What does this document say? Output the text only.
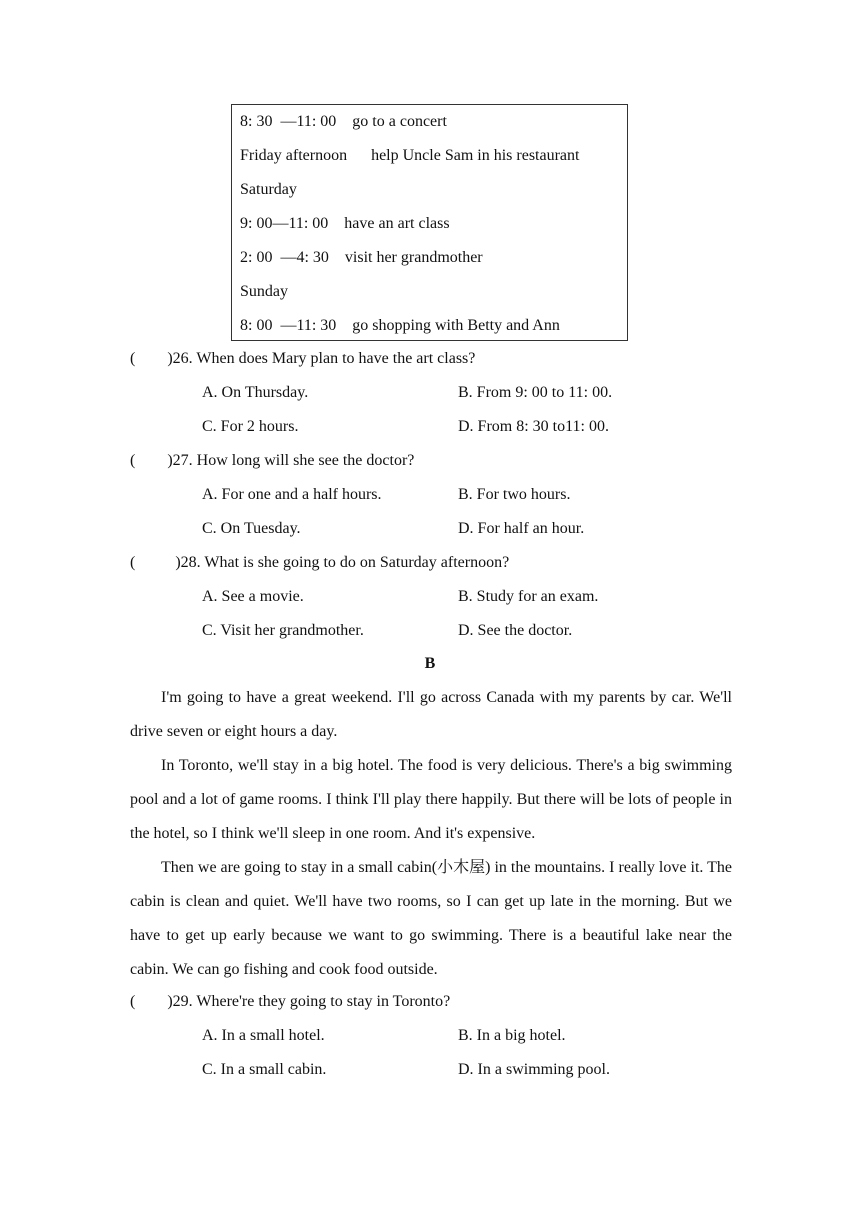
8: 30  —11: 00    go to a concert
Friday afternoon      help Uncle Sam in his restaurant
Saturday
9: 00—11: 00    have an art class
2: 00  —4: 30    visit her grandmother
Sunday
8: 00  —11: 30    go shopping with Betty and Ann
(        )26. When does Mary plan to have the art class?
A. On Thursday.	B. From 9: 00 to 11: 00.
C. For 2 hours.	D. From 8: 30 to11: 00.
(        )27. How long will she see the doctor?
A. For one and a half hours.	B. For two hours.
C. On Tuesday.	D. For half an hour.
(          )28. What is she going to do on Saturday afternoon?
A. See a movie.	B. Study for an exam.
C. Visit her grandmother.	D. See the doctor.
B

I'm going to have a great weekend. I'll go across Canada with my parents by car. We'll drive seven or eight hours a day.

In Toronto, we'll stay in a big hotel. The food is very delicious. There's a big swimming pool and a lot of game rooms. I think I'll play there happily. But there will be lots of people in the hotel, so I think we'll sleep in one room. And it's expensive.

Then we are going to stay in a small cabin(小木屋) in the mountains. I really love it. The cabin is clean and quiet. We'll have two rooms, so I can get up late in the morning. But we have to get up early because we want to go swimming. There is a beautiful lake near the cabin. We can go fishing and cook food outside.

(        )29. Where're they going to stay in Toronto?
A. In a small hotel.	B. In a big hotel.
C. In a small cabin.	D. In a swimming pool.
